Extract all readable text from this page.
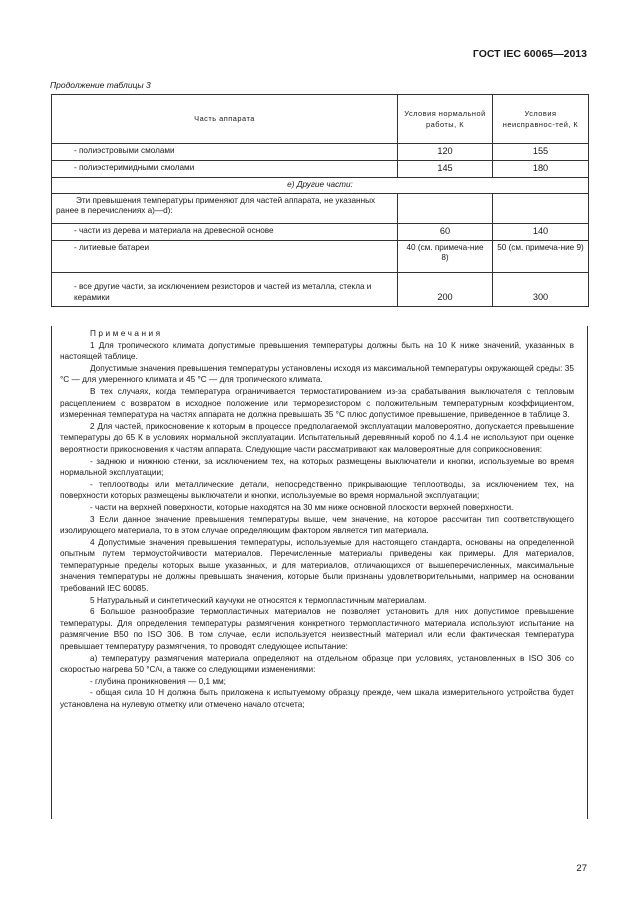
ГОСТ IEC 60065—2013
Продолжение таблицы 3
Часть аппарата	Условия нормальной работы, К	Условия неисправнос-тей, К
- полиэстровыми смолами	120	155
- полиэстеримидными смолами	145	180
е) Другие части:		
Эти превышения температуры применяют для частей аппарата, не указанных ранее в перечислениях а)—d):		
- части из дерева и материала на древесной основе	60	140
- литиевые батареи	40 (см. примеча-ние 8)	50 (см. примеча-ние 9)
- все другие части, за исключением резисторов и частей из металла, стекла и керамики	200	300

Примечания

1 Для тропического климата допустимые превышения температуры должны быть на 10 К ниже значений, указанных в настоящей таблице.

Допустимые значения превышения температуры установлены исходя из максимальной температуры окружающей среды: 35 °С — для умеренного климата и 45 °С — для тропического климата.

В тех случаях, когда температура ограничивается термостатированием из-за срабатывания выключателя с тепловым расцеплением с возвратом в исходное положение или терморезистором с положительным температурным коэффициентом, измеренная температура на частях аппарата не должна превышать 35 °С плюс допустимое превышение, приведенное в таблице 3.

2 Для частей, прикосновение к которым в процессе предполагаемой эксплуатации маловероятно, допускается превышение температуры до 65 К в условиях нормальной эксплуатации. Испытательный деревянный короб по 4.1.4 не используют при оценке вероятности прикосновения к частям аппарата. Следующие части рассматривают как маловероятные для соприкосновения:

- заднюю и нижнюю стенки, за исключением тех, на которых размещены выключатели и кнопки, используемые во время нормальной эксплуатации;

- теплоотводы или металлические детали, непосредственно прикрывающие теплоотводы, за исключением тех, на поверхности которых размещены выключатели и кнопки, используемые во время нормальной эксплуатации;

- части на верхней поверхности, которые находятся на 30 мм ниже основной плоскости верхней поверхности.

3 Если данное значение превышения температуры выше, чем значение, на которое рассчитан тип соответствующего изолирующего материала, то в этом случае определяющим фактором является тип материала.

4 Допустимые значения превышения температуры, используемые для настоящего стандарта, основаны на определенной опытным путем термоустойчивости материалов. Перечисленные материалы приведены как примеры. Для материалов, температурные пределы которых выше указанных, и для материалов, отличающихся от вышеперечисленных, максимальные значения температуры не должны превышать значения, которые были признаны удовлетворительными, например на основании требований IEC 60085.

5 Натуральный и синтетический каучуки не относятся к термопластичным материалам.

6 Большое разнообразие термопластичных материалов не позволяет установить для них допустимое превышение температуры. Для определения температуры размягчения конкретного термопластичного материала используют испытание на размягчение В50 по ISO 306. В том случае, если используется неизвестный материал или если фактическая температура превышает температуру размягчения, то проводят следующее испытание:

а) температуру размягчения материала определяют на отдельном образце при условиях, установленных в ISO 306 со скоростью нагрева 50 °С/ч, а также со следующими изменениями:

- глубина проникновения — 0,1 мм;

- общая сила 10 Н должна быть приложена к испытуемому образцу прежде, чем шкала измерительного устройства будет установлена на нулевую отметку или отмечено начало отсчета;

27
